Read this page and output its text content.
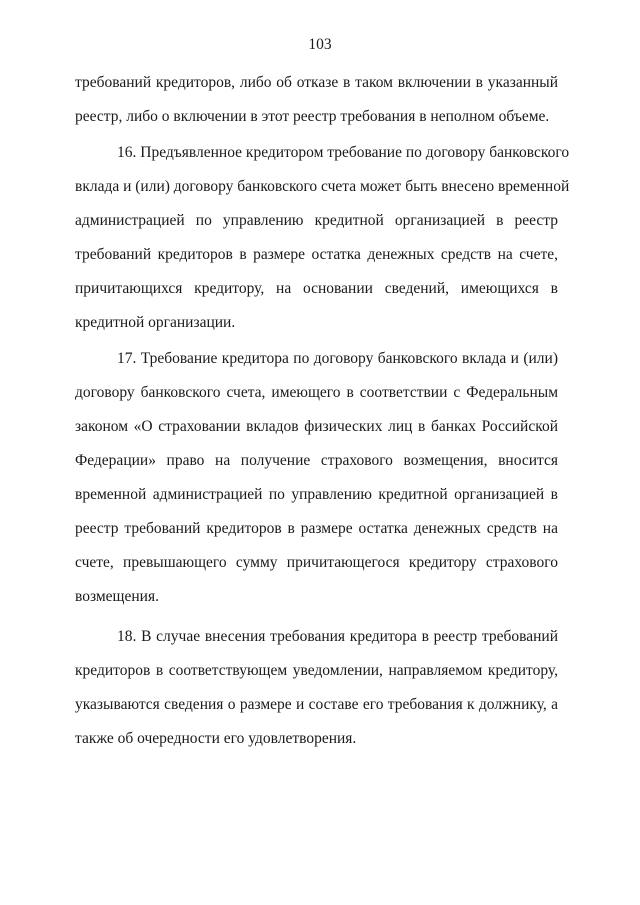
103
требований кредиторов, либо об отказе в таком включении в указанный
реестр, либо о включении в этот реестр требования в неполном объеме.
16. Предъявленное кредитором требование по договору банковского
вклада и (или) договору банковского счета может быть внесено временной
администрацией по управлению кредитной организацией в реестр
требований кредиторов в размере остатка денежных средств на счете,
причитающихся кредитору, на основании сведений, имеющихся в
кредитной организации.
17. Требование кредитора по договору банковского вклада и (или)
договору банковского счета, имеющего в соответствии с Федеральным
законом «О страховании вкладов физических лиц в банках Российской
Федерации» право на получение страхового возмещения, вносится
временной администрацией по управлению кредитной организацией в
реестр требований кредиторов в размере остатка денежных средств на
счете, превышающего сумму причитающегося кредитору страхового
возмещения.
18. В случае внесения требования кредитора в реестр требований
кредиторов в соответствующем уведомлении, направляемом кредитору,
указываются сведения о размере и составе его требования к должнику, а
также об очередности его удовлетворения.
